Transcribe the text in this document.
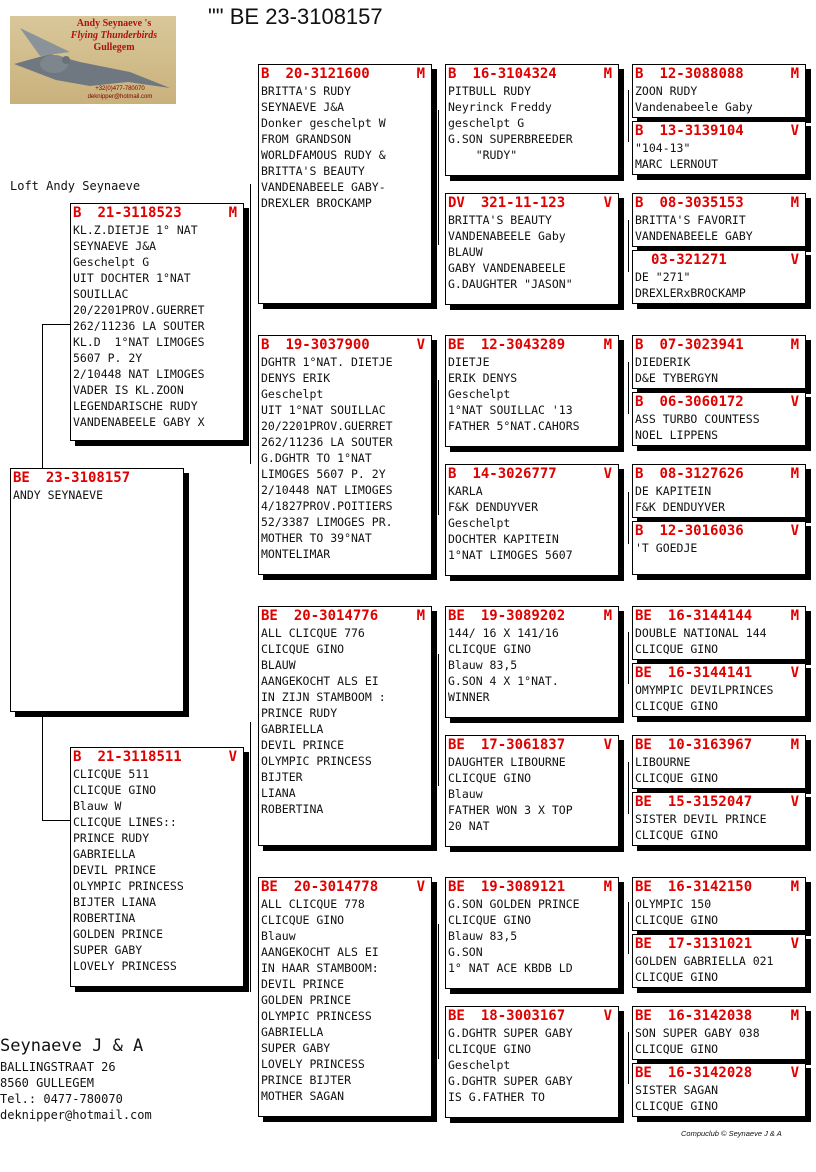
"" BE 23-3108157
Andy Seynaeve 's
Flying Thunderbirds
Gullegem
+32(0)477-780070
deknipper@hotmail.com
Loft Andy Seynaeve
BE 23-3108157
ANDY SEYNAEVE
B 21-3118523	M
KL.Z.DIETJE 1° NAT
SEYNAEVE J&A
Geschelpt G
UIT DOCHTER 1°NAT
SOUILLAC
20/2201PROV.GUERRET
262/11236 LA SOUTER
KL.D  1°NAT LIMOGES
5607 P. 2Y
2/10448 NAT LIMOGES
VADER IS KL.ZOON
LEGENDARISCHE RUDY
VANDENABEELE GABY X
B 21-3118511	V
CLICQUE 511
CLICQUE GINO
Blauw W
CLICQUE LINES::
PRINCE RUDY
GABRIELLA
DEVIL PRINCE
OLYMPIC PRINCESS
BIJTER LIANA
ROBERTINA
GOLDEN PRINCE
SUPER GABY
LOVELY PRINCESS
B 20-3121600	M
BRITTA'S RUDY
SEYNAEVE J&A
Donker geschelpt W
FROM GRANDSON
WORLDFAMOUS RUDY &
BRITTA'S BEAUTY
VANDENABEELE GABY-
DREXLER BROCKAMP
B 19-3037900	V
DGHTR 1°NAT. DIETJE
DENYS ERIK
Geschelpt
UIT 1°NAT SOUILLAC
20/2201PROV.GUERRET
262/11236 LA SOUTER
G.DGHTR TO 1°NAT
LIMOGES 5607 P. 2Y
2/10448 NAT LIMOGES
4/1827PROV.POITIERS
52/3387 LIMOGES PR.
MOTHER TO 39°NAT
MONTELIMAR
BE 20-3014776	M
ALL CLICQUE 776
CLICQUE GINO
BLAUW
AANGEKOCHT ALS EI
IN ZIJN STAMBOOM :
PRINCE RUDY
GABRIELLA
DEVIL PRINCE
OLYMPIC PRINCESS
BIJTER
LIANA
ROBERTINA
BE 20-3014778	V
ALL CLICQUE 778
CLICQUE GINO
Blauw
AANGEKOCHT ALS EI
IN HAAR STAMBOOM:
DEVIL PRINCE
GOLDEN PRINCE
OLYMPIC PRINCESS
GABRIELLA
SUPER GABY
LOVELY PRINCESS
PRINCE BIJTER
MOTHER SAGAN
B 16-3104324	M
PITBULL RUDY
Neyrinck Freddy
geschelpt G
G.SON SUPERBREEDER
"RUDY"
DV 321-11-123	V
BRITTA'S BEAUTY
VANDENABEELE Gaby
BLAUW
GABY VANDENABEELE
G.DAUGHTER "JASON"
BE 12-3043289	M
DIETJE
ERIK DENYS
Geschelpt
1°NAT SOUILLAC '13
FATHER 5°NAT.CAHORS
B 14-3026777	V
KARLA
F&K DENDUYVER
Geschelpt
DOCHTER KAPITEIN
1°NAT LIMOGES 5607
BE 19-3089202	M
144/ 16 X 141/16
CLICQUE GINO
Blauw 83,5
G.SON 4 X 1°NAT.
WINNER
BE 17-3061837	V
DAUGHTER LIBOURNE
CLICQUE GINO
Blauw
FATHER WON 3 X TOP
20 NAT
BE 19-3089121	M
G.SON GOLDEN PRINCE
CLICQUE GINO
Blauw 83,5
G.SON
1° NAT ACE KBDB LD
BE 18-3003167	V
G.DGHTR SUPER GABY
CLICQUE GINO
Geschelpt
G.DGHTR SUPER GABY
IS G.FATHER TO
B 12-3088088	M
ZOON RUDY
Vandenabeele Gaby
B 13-3139104	V
"104-13"
MARC LERNOUT
B 08-3035153	M
BRITTA'S FAVORIT
VANDENABEELE GABY
03-321271	V
DE "271"
DREXLERxBROCKAMP
B 07-3023941	M
DIEDERIK
D&E TYBERGYN
B 06-3060172	V
ASS TURBO COUNTESS
NOEL LIPPENS
B 08-3127626	M
DE KAPITEIN
F&K DENDUYVER
B 12-3016036	V
'T GOEDJE
BE 16-3144144	M
DOUBLE NATIONAL 144
CLICQUE GINO
BE 16-3144141	V
OMYMPIC DEVILPRINCES
CLICQUE GINO
BE 10-3163967	M
LIBOURNE
CLICQUE GINO
BE 15-3152047	V
SISTER DEVIL PRINCE
CLICQUE GINO
BE 16-3142150	M
OLYMPIC 150
CLICQUE GINO
BE 17-3131021	V
GOLDEN GABRIELLA 021
CLICQUE GINO
BE 16-3142038	M
SON SUPER GABY 038
CLICQUE GINO
BE 16-3142028	V
SISTER SAGAN
CLICQUE GINO
Seynaeve J & A
BALLINGSTRAAT 26
8560 GULLEGEM
Tel.: 0477-780070
deknipper@hotmail.com
Compuclub © Seynaeve J & A
